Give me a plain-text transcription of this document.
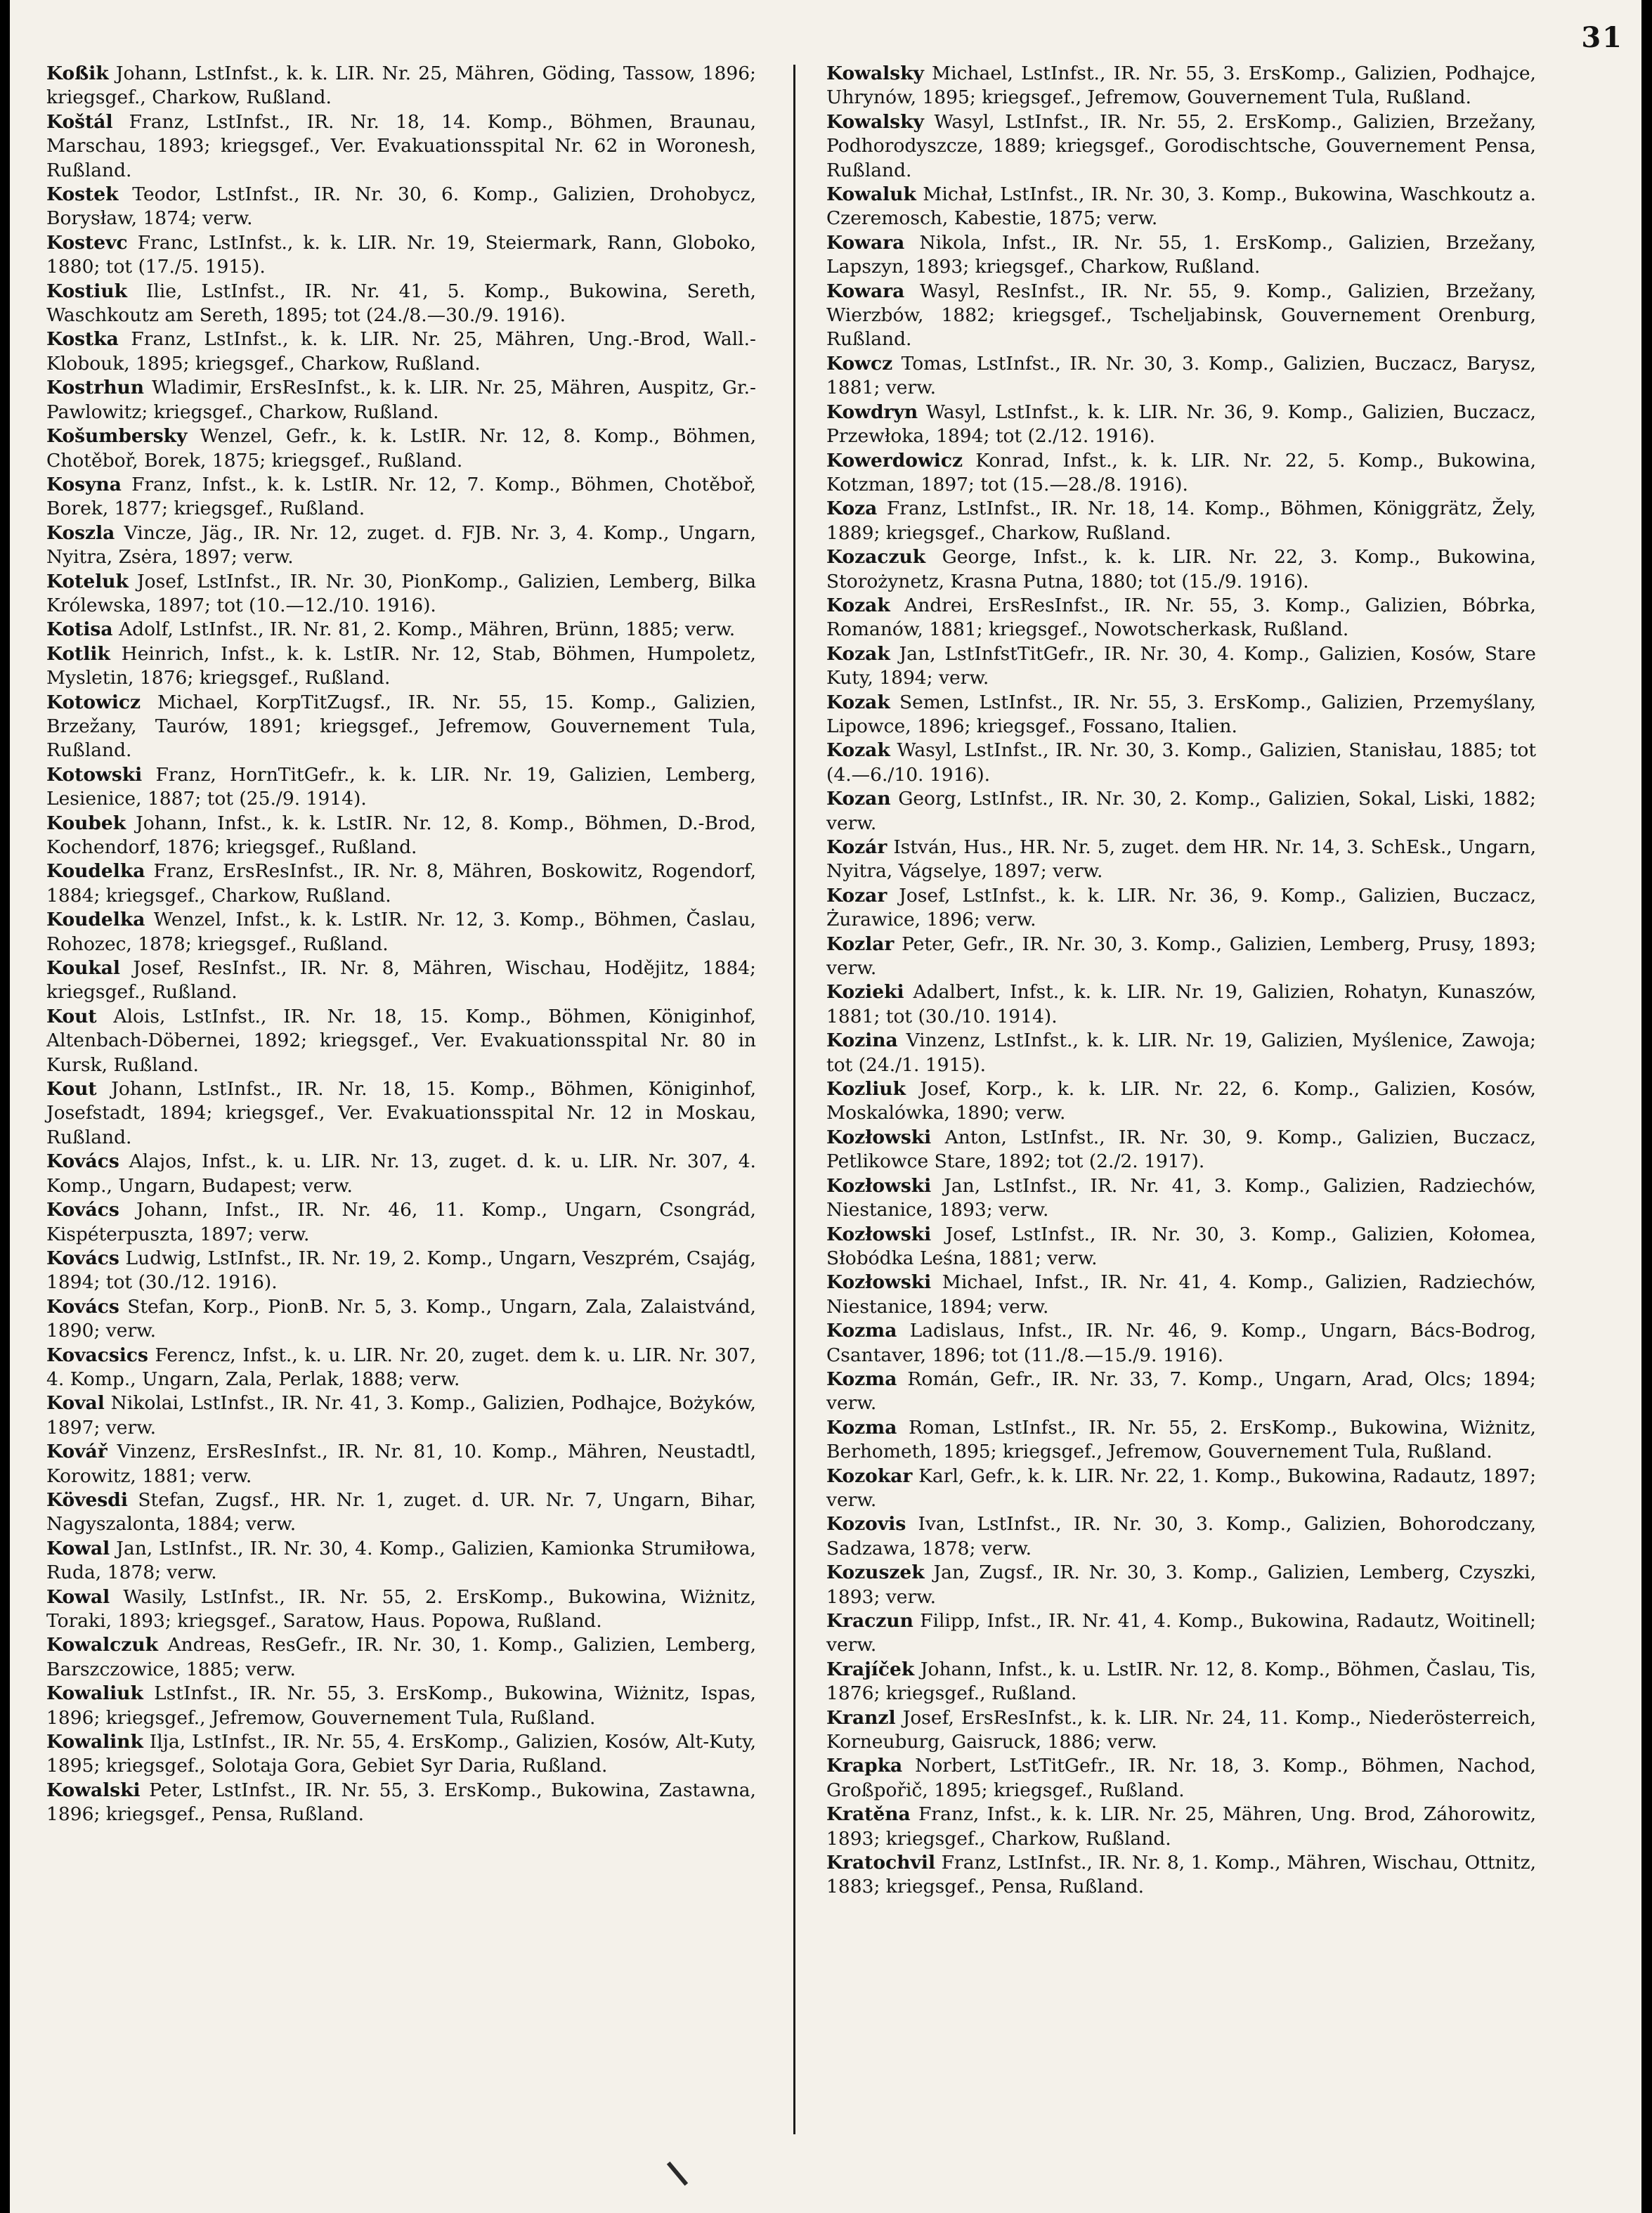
31

Koßik Johann, LstInfst., k. k. LIR. Nr. 25, Mähren, Göding, Tassow, 1896; kriegsgef., Charkow, Rußland.

Koštál Franz, LstInfst., IR. Nr. 18, 14. Komp., Böhmen, Braunau, Marschau, 1893; kriegsgef., Ver. Evakuationsspital Nr. 62 in Woronesh, Rußland.

Kostek Teodor, LstInfst., IR. Nr. 30, 6. Komp., Galizien, Drohobycz, Borysław, 1874; verw.

Kostevc Franc, LstInfst., k. k. LIR. Nr. 19, Steiermark, Rann, Globoko, 1880; tot (17./5. 1915).

Kostiuk Ilie, LstInfst., IR. Nr. 41, 5. Komp., Bukowina, Sereth, Waschkoutz am Sereth, 1895; tot (24./8.—30./9. 1916).

Kostka Franz, LstInfst., k. k. LIR. Nr. 25, Mähren, Ung.-Brod, Wall.-Klobouk, 1895; kriegsgef., Charkow, Rußland.

Kostrhun Wladimir, ErsResInfst., k. k. LIR. Nr. 25, Mähren, Auspitz, Gr.-Pawlowitz; kriegsgef., Charkow, Rußland.

Košumbersky Wenzel, Gefr., k. k. LstIR. Nr. 12, 8. Komp., Böhmen, Chotěboř, Borek, 1875; kriegsgef., Rußland.

Kosyna Franz, Infst., k. k. LstIR. Nr. 12, 7. Komp., Böhmen, Chotěboř, Borek, 1877; kriegsgef., Rußland.

Koszla Vincze, Jäg., IR. Nr. 12, zuget. d. FJB. Nr. 3, 4. Komp., Ungarn, Nyitra, Zsėra, 1897; verw.

Koteluk Josef, LstInfst., IR. Nr. 30, PionKomp., Galizien, Lemberg, Bilka Królewska, 1897; tot (10.—12./10. 1916).

Kotisa Adolf, LstInfst., IR. Nr. 81, 2. Komp., Mähren, Brünn, 1885; verw.

Kotlik Heinrich, Infst., k. k. LstIR. Nr. 12, Stab, Böhmen, Humpoletz, Mysletin, 1876; kriegsgef., Rußland.

Kotowicz Michael, KorpTitZugsf., IR. Nr. 55, 15. Komp., Galizien, Brzežany, Taurów, 1891; kriegsgef., Jefremow, Gouvernement Tula, Rußland.

Kotowski Franz, HornTitGefr., k. k. LIR. Nr. 19, Galizien, Lemberg, Lesienice, 1887; tot (25./9. 1914).

Koubek Johann, Infst., k. k. LstIR. Nr. 12, 8. Komp., Böhmen, D.-Brod, Kochendorf, 1876; kriegsgef., Rußland.

Koudelka Franz, ErsResInfst., IR. Nr. 8, Mähren, Boskowitz, Rogendorf, 1884; kriegsgef., Charkow, Rußland.

Koudelka Wenzel, Infst., k. k. LstIR. Nr. 12, 3. Komp., Böhmen, Časlau, Rohozec, 1878; kriegsgef., Rußland.

Koukal Josef, ResInfst., IR. Nr. 8, Mähren, Wischau, Hodějitz, 1884; kriegsgef., Rußland.

Kout Alois, LstInfst., IR. Nr. 18, 15. Komp., Böhmen, Königinhof, Altenbach-Döbernei, 1892; kriegsgef., Ver. Evakuationsspital Nr. 80 in Kursk, Rußland.

Kout Johann, LstInfst., IR. Nr. 18, 15. Komp., Böhmen, Königinhof, Josefstadt, 1894; kriegsgef., Ver. Evakuationsspital Nr. 12 in Moskau, Rußland.

Kovács Alajos, Infst., k. u. LIR. Nr. 13, zuget. d. k. u. LIR. Nr. 307, 4. Komp., Ungarn, Budapest; verw.

Kovács Johann, Infst., IR. Nr. 46, 11. Komp., Ungarn, Csongrád, Kispéterpuszta, 1897; verw.

Kovács Ludwig, LstInfst., IR. Nr. 19, 2. Komp., Ungarn, Veszprém, Csajág, 1894; tot (30./12. 1916).

Kovács Stefan, Korp., PionB. Nr. 5, 3. Komp., Ungarn, Zala, Zalaistvánd, 1890; verw.

Kovacsics Ferencz, Infst., k. u. LIR. Nr. 20, zuget. dem k. u. LIR. Nr. 307, 4. Komp., Ungarn, Zala, Perlak, 1888; verw.

Koval Nikolai, LstInfst., IR. Nr. 41, 3. Komp., Galizien, Podhajce, Bożyków, 1897; verw.

Kovář Vinzenz, ErsResInfst., IR. Nr. 81, 10. Komp., Mähren, Neustadtl, Korowitz, 1881; verw.

Kövesdi Stefan, Zugsf., HR. Nr. 1, zuget. d. UR. Nr. 7, Ungarn, Bihar, Nagyszalonta, 1884; verw.

Kowal Jan, LstInfst., IR. Nr. 30, 4. Komp., Galizien, Kamionka Strumiłowa, Ruda, 1878; verw.

Kowal Wasily, LstInfst., IR. Nr. 55, 2. ErsKomp., Bukowina, Wiżnitz, Toraki, 1893; kriegsgef., Saratow, Haus. Popowa, Rußland.

Kowalczuk Andreas, ResGefr., IR. Nr. 30, 1. Komp., Galizien, Lemberg, Barszczowice, 1885; verw.

Kowaliuk LstInfst., IR. Nr. 55, 3. ErsKomp., Bukowina, Wiżnitz, Ispas, 1896; kriegsgef., Jefremow, Gouvernement Tula, Rußland.

Kowalink Ilja, LstInfst., IR. Nr. 55, 4. ErsKomp., Galizien, Kosów, Alt-Kuty, 1895; kriegsgef., Solotaja Gora, Gebiet Syr Daria, Rußland.

Kowalski Peter, LstInfst., IR. Nr. 55, 3. ErsKomp., Bukowina, Zastawna, 1896; kriegsgef., Pensa, Rußland.

Kowalsky Michael, LstInfst., IR. Nr. 55, 3. ErsKomp., Galizien, Podhajce, Uhrynów, 1895; kriegsgef., Jefremow, Gouvernement Tula, Rußland.

Kowalsky Wasyl, LstInfst., IR. Nr. 55, 2. ErsKomp., Galizien, Brzežany, Podhorodyszcze, 1889; kriegsgef., Gorodischtsche, Gouvernement Pensa, Rußland.

Kowaluk Michał, LstInfst., IR. Nr. 30, 3. Komp., Bukowina, Waschkoutz a. Czeremosch, Kabestie, 1875; verw.

Kowara Nikola, Infst., IR. Nr. 55, 1. ErsKomp., Galizien, Brzežany, Lapszyn, 1893; kriegsgef., Charkow, Rußland.

Kowara Wasyl, ResInfst., IR. Nr. 55, 9. Komp., Galizien, Brzežany, Wierzbów, 1882; kriegsgef., Tscheljabinsk, Gouvernement Orenburg, Rußland.

Kowcz Tomas, LstInfst., IR. Nr. 30, 3. Komp., Galizien, Buczacz, Barysz, 1881; verw.

Kowdryn Wasyl, LstInfst., k. k. LIR. Nr. 36, 9. Komp., Galizien, Buczacz, Przewłoka, 1894; tot (2./12. 1916).

Kowerdowicz Konrad, Infst., k. k. LIR. Nr. 22, 5. Komp., Bukowina, Kotzman, 1897; tot (15.—28./8. 1916).

Koza Franz, LstInfst., IR. Nr. 18, 14. Komp., Böhmen, Königgrätz, Žely, 1889; kriegsgef., Charkow, Rußland.

Kozaczuk George, Infst., k. k. LIR. Nr. 22, 3. Komp., Bukowina, Storożynetz, Krasna Putna, 1880; tot (15./9. 1916).

Kozak Andrei, ErsResInfst., IR. Nr. 55, 3. Komp., Galizien, Bóbrka, Romanów, 1881; kriegsgef., Nowotscherkask, Rußland.

Kozak Jan, LstInfstTitGefr., IR. Nr. 30, 4. Komp., Galizien, Kosów, Stare Kuty, 1894; verw.

Kozak Semen, LstInfst., IR. Nr. 55, 3. ErsKomp., Galizien, Przemyślany, Lipowce, 1896; kriegsgef., Fossano, Italien.

Kozak Wasyl, LstInfst., IR. Nr. 30, 3. Komp., Galizien, Stanisłau, 1885; tot (4.—6./10. 1916).

Kozan Georg, LstInfst., IR. Nr. 30, 2. Komp., Galizien, Sokal, Liski, 1882; verw.

Kozár István, Hus., HR. Nr. 5, zuget. dem HR. Nr. 14, 3. SchEsk., Ungarn, Nyitra, Vágselye, 1897; verw.

Kozar Josef, LstInfst., k. k. LIR. Nr. 36, 9. Komp., Galizien, Buczacz, Żurawice, 1896; verw.

Kozlar Peter, Gefr., IR. Nr. 30, 3. Komp., Galizien, Lemberg, Prusy, 1893; verw.

Kozieki Adalbert, Infst., k. k. LIR. Nr. 19, Galizien, Rohatyn, Kunaszów, 1881; tot (30./10. 1914).

Kozina Vinzenz, LstInfst., k. k. LIR. Nr. 19, Galizien, Myślenice, Zawoja; tot (24./1. 1915).

Kozliuk Josef, Korp., k. k. LIR. Nr. 22, 6. Komp., Galizien, Kosów, Moskalówka, 1890; verw.

Kozłowski Anton, LstInfst., IR. Nr. 30, 9. Komp., Galizien, Buczacz, Petlikowce Stare, 1892; tot (2./2. 1917).

Kozłowski Jan, LstInfst., IR. Nr. 41, 3. Komp., Galizien, Radziechów, Niestanice, 1893; verw.

Kozłowski Josef, LstInfst., IR. Nr. 30, 3. Komp., Galizien, Kołomea, Słobódka Leśna, 1881; verw.

Kozłowski Michael, Infst., IR. Nr. 41, 4. Komp., Galizien, Radziechów, Niestanice, 1894; verw.

Kozma Ladislaus, Infst., IR. Nr. 46, 9. Komp., Ungarn, Bács-Bodrog, Csantaver, 1896; tot (11./8.—15./9. 1916).

Kozma Román, Gefr., IR. Nr. 33, 7. Komp., Ungarn, Arad, Olcs; 1894; verw.

Kozma Roman, LstInfst., IR. Nr. 55, 2. ErsKomp., Bukowina, Wiżnitz, Berhometh, 1895; kriegsgef., Jefremow, Gouvernement Tula, Rußland.

Kozokar Karl, Gefr., k. k. LIR. Nr. 22, 1. Komp., Bukowina, Radautz, 1897; verw.

Kozovis Ivan, LstInfst., IR. Nr. 30, 3. Komp., Galizien, Bohorodczany, Sadzawa, 1878; verw.

Kozuszek Jan, Zugsf., IR. Nr. 30, 3. Komp., Galizien, Lemberg, Czyszki, 1893; verw.

Kraczun Filipp, Infst., IR. Nr. 41, 4. Komp., Bukowina, Radautz, Woitinell; verw.

Krajíček Johann, Infst., k. u. LstIR. Nr. 12, 8. Komp., Böhmen, Časlau, Tis, 1876; kriegsgef., Rußland.

Kranzl Josef, ErsResInfst., k. k. LIR. Nr. 24, 11. Komp., Niederösterreich, Korneuburg, Gaisruck, 1886; verw.

Krapka Norbert, LstTitGefr., IR. Nr. 18, 3. Komp., Böhmen, Nachod, Großpořič, 1895; kriegsgef., Rußland.

Kratěna Franz, Infst., k. k. LIR. Nr. 25, Mähren, Ung. Brod, Záhorowitz, 1893; kriegsgef., Charkow, Rußland.

Kratochvil Franz, LstInfst., IR. Nr. 8, 1. Komp., Mähren, Wischau, Ottnitz, 1883; kriegsgef., Pensa, Rußland.
